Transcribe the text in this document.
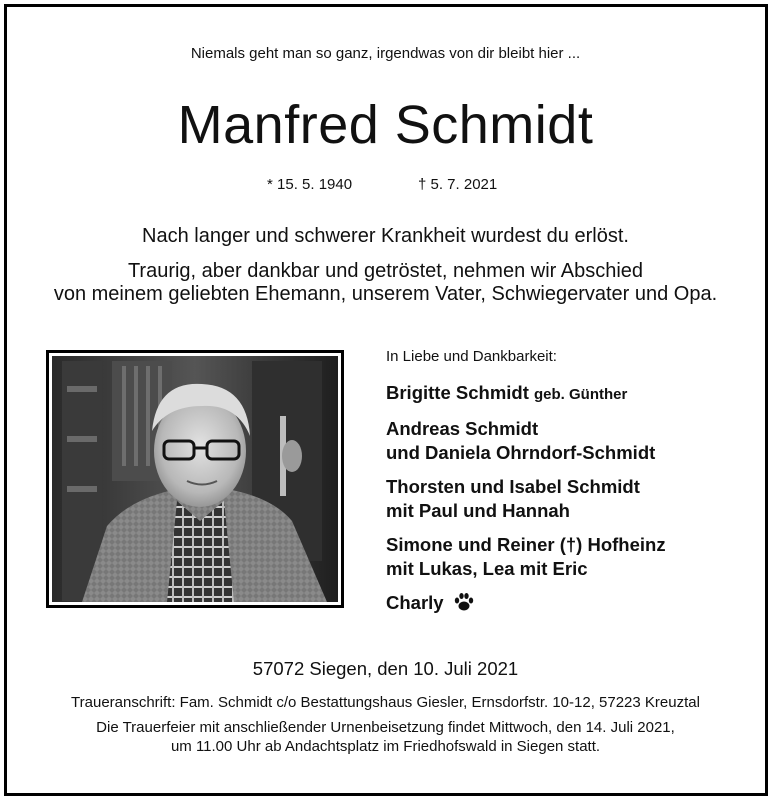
Niemals geht man so ganz, irgendwas von dir bleibt hier ...
Manfred Schmidt
* 15. 5. 1940	† 5. 7. 2021
Nach langer und schwerer Krankheit wurdest du erlöst.
Traurig, aber dankbar und getröstet, nehmen wir Abschied
von meinem geliebten Ehemann, unserem Vater, Schwiegervater und Opa.
In Liebe und Dankbarkeit:
Brigitte Schmidt geb. Günther
Andreas Schmidt
und Daniela Ohrndorf-Schmidt
Thorsten und Isabel Schmidt
mit Paul und Hannah
Simone und Reiner (†) Hofheinz
mit Lukas, Lea mit Eric
Charly
57072 Siegen, den 10. Juli 2021
Traueranschrift: Fam. Schmidt c/o Bestattungshaus Giesler, Ernsdorfstr. 10-12, 57223 Kreuztal
Die Trauerfeier mit anschließender Urnenbeisetzung findet Mittwoch, den 14. Juli 2021,
um 11.00 Uhr ab Andachtsplatz im Friedhofswald in Siegen statt.
